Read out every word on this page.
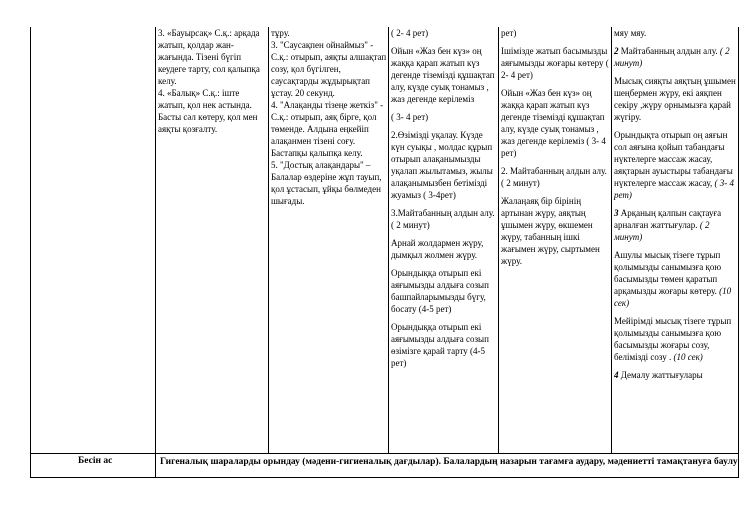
3. «Бауырсақ» С.қ.: арқада жатып, қолдар жан-жағында. Тізені бүгіп кеудеге тарту, сол қалыпқа келу.

4. «Балық» С.қ.: іште жатып, қол нек астында. Басты сәл көтеру, қол мен аяқты қозғалту.

тұру.

3. "Саусақпен ойнаймыз" - С.қ.: отырып, аяқты алшақтап созу, қол бүгілген, саусақтарды жұдырықтап ұстау. 20 секунд.

4. "Алақанды тізеңе жеткіз" - С.қ.: отырып, аяқ бірге, қол төменде. Алдына еңкейіп алақанмен тізені соғу. Бастапқы қалыпқа келу.

5. "Достық алақандары" – Балалар өздеріне жұп тауып, қол ұстасып, ұйқы бөлмеден шығады.

( 2- 4 рет)

Ойын «Жаз бен күз» оң жаққа қарап жатып күз дегенде тіземіздi құшақтап алу, күзде суық тонамыз , жаз дегенде керілеміз

( 3- 4 рет)

2.Өзімізді уқалау. Күзде күн суықы , молдас құрып отырып алақанымызды уқалап жылытамыз, жылы алақанымызбен бетімізді жуамыз ( 3-4рет)

3.Майтабанның алдын алу. ( 2 минут)

Арнай жолдармен жүру, дымқыл жолмен жүру.

Орындыққа отырып екі аяғымызды алдыға созып башпайларымызды бүгу, босату (4-5 рет)

Орындыққа отырып екі аяғымызды алдыға созып өзімізге қарай тарту (4-5 рет)

рет)

Ішімізде жатып басымызды аяғымызды жоғары көтеру ( 2- 4 рет)

Ойын «Жаз бен күз» оң жаққа қарап жатып күз дегенде тіземіздi құшақтап алу, күзде суық тонамыз , жаз дегенде керілеміз ( 3- 4 рет)

2. Майтабанның алдын алу. ( 2 минут)

Жалаңаяқ бір бірінің артынан жүру, аяқтың ұшымен жүру, өкшемен жүру, табанның ішкі жағымен жүру, сыртымен жүру.

мяу мяу.

2 Майтабанның алдын алу. ( 2 минут)

Мысық сияқты аяқтың ұшымен шеңбермен жүру, екі аяқпен секіру ,жүру орнымызға қарай жүгіру.

Орындықта отырып оң аяғын сол аяғына қойып табандағы нүктелерге массаж жасау, аяқтарын ауыстыры табандағы нүктелерге массаж жасау, ( 3- 4 рет)

3 Арқаның қалпын сақтауға арналған жаттығулар. ( 2 минут)

Ашулы мысық тізеге тұрып қолымызды санымызға қою басымызды төмен қаратып арқамызды жоғары көтеру. (10 сек)

Мейірімді мысық тізеге тұрып қолымызды санымызға қою басымызды жоғары созу, белімізді созу . (10 сек)

4 Демалу жаттығулары

Бесін ас	Гигеналық шараларды орындау (мәдени-гигиеналық дағдылар). Балалардың назарын тағамға аудару, мәдениетті тамақтануға баулу
